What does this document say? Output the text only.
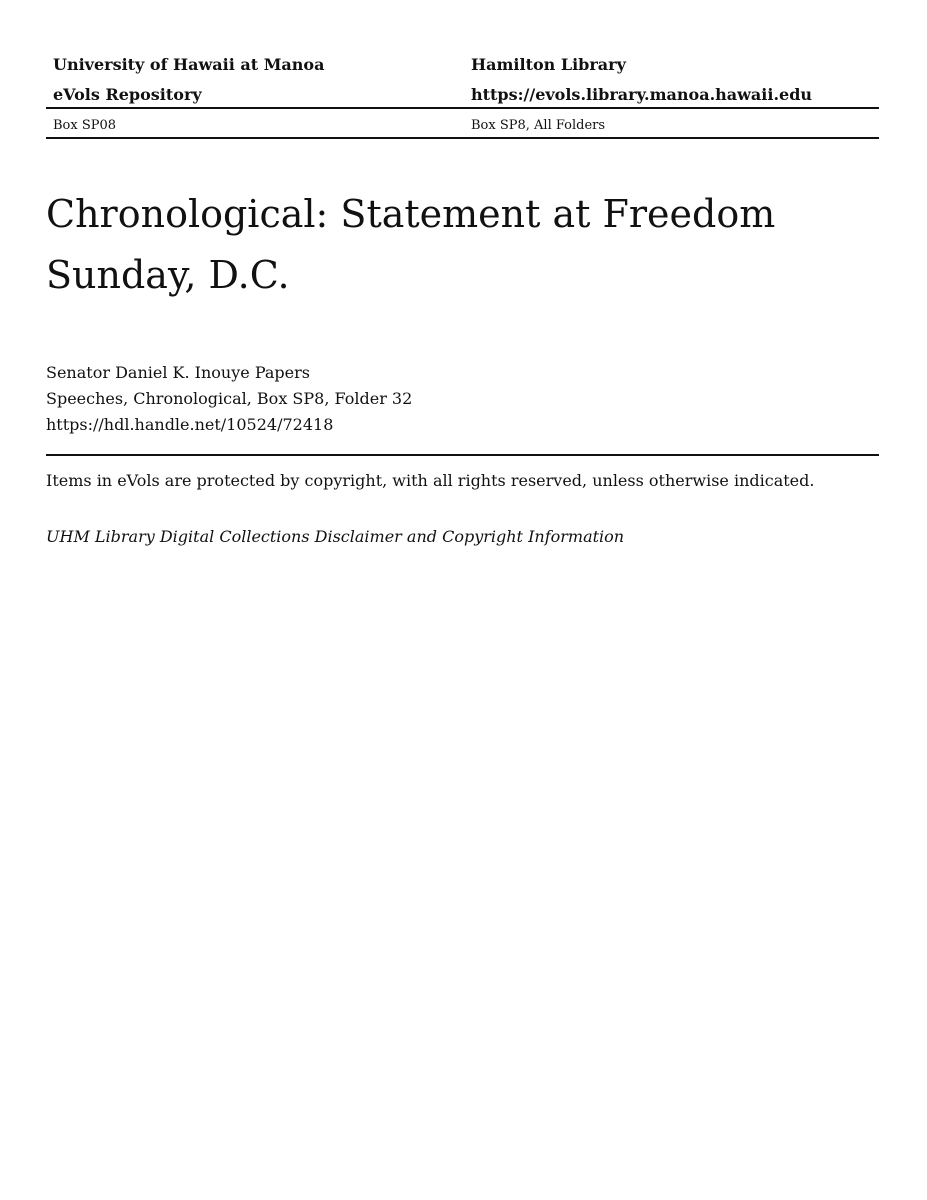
University of Hawaii at Manoa	Hamilton Library
eVols Repository	https://evols.library.manoa.hawaii.edu
Box SP08	Box SP8, All Folders
Chronological: Statement at Freedom Sunday, D.C.
Senator Daniel K. Inouye Papers
Speeches, Chronological, Box SP8, Folder 32
https://hdl.handle.net/10524/72418
Items in eVols are protected by copyright, with all rights reserved, unless otherwise indicated.
UHM Library Digital Collections Disclaimer and Copyright Information
